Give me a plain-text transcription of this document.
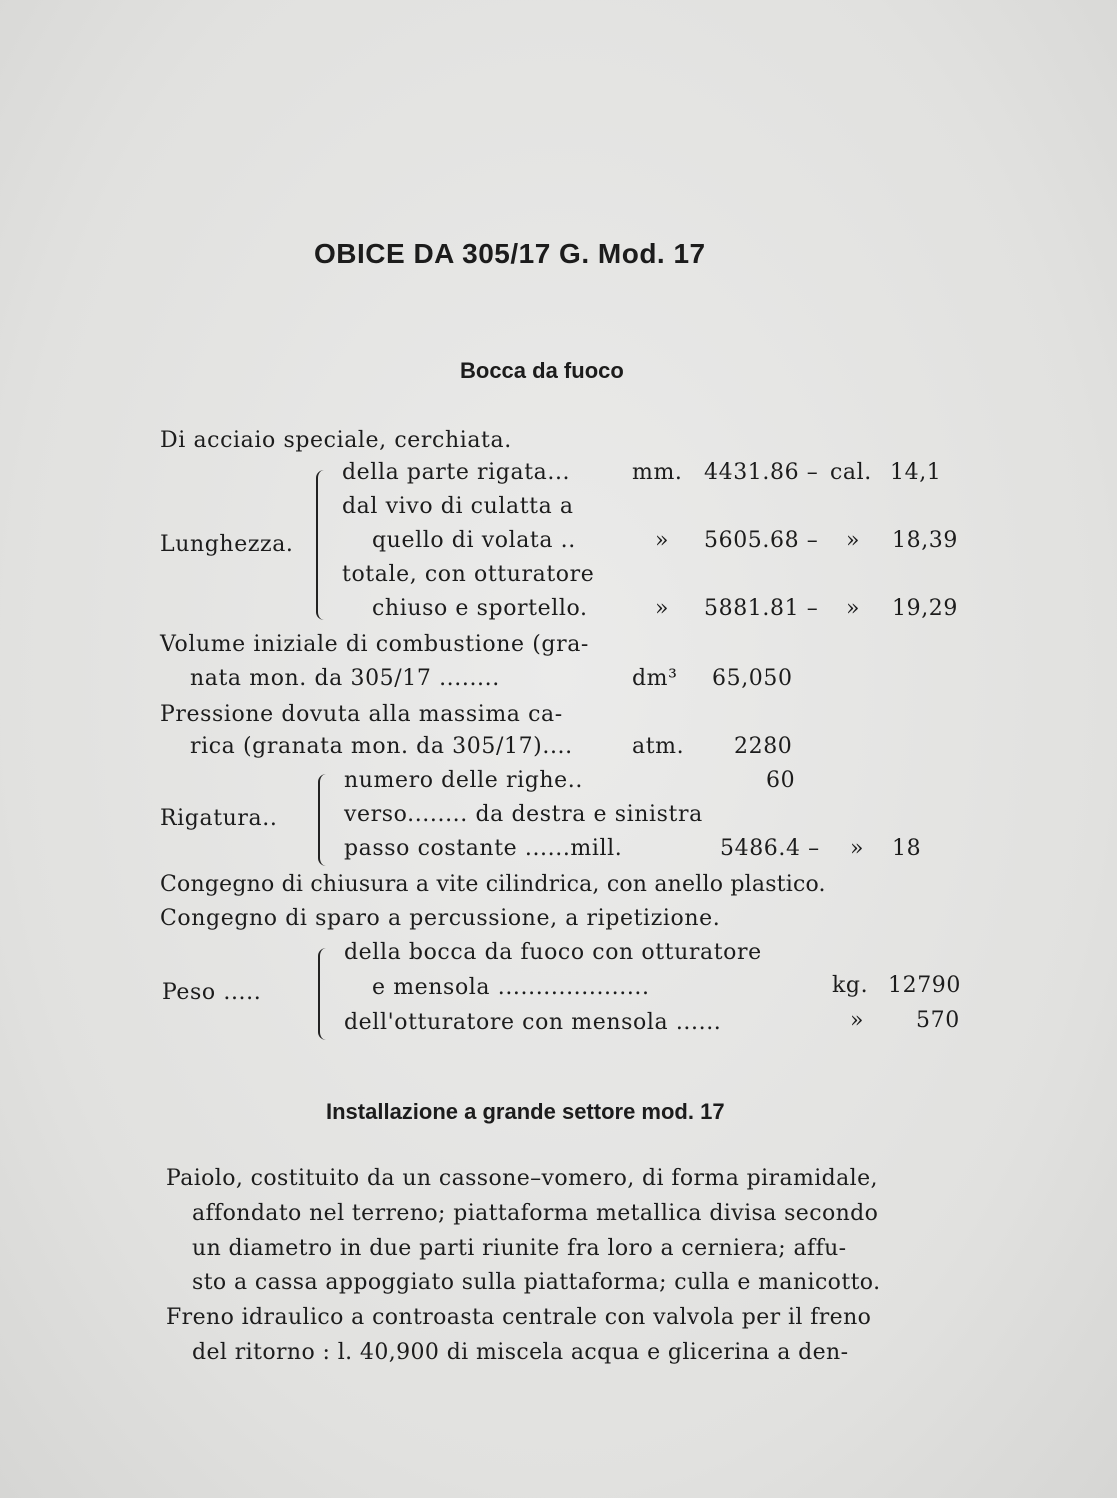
OBICE DA 305/17 G. Mod. 17
Bocca da fuoco
Di acciaio speciale, cerchiata.
Lunghezza.
della parte rigata...	mm. 4431.86 – cal. 14,1
dal vivo di culatta a
quello di volata ..	» 5605.68 – » 18,39
totale, con otturatore
chiuso e sportello.	» 5881.81 – » 19,29
Volume iniziale di combustione (gra-
nata mon. da 305/17 ........	dm³ 65,050
Pressione dovuta alla massima ca-
rica (granata mon. da 305/17)....	atm. 2280
Rigatura..
numero delle righe..	60
verso........ da destra e sinistra
passo costante ......mill.	5486.4 – » 18
Congegno di chiusura a vite cilindrica, con anello plastico.
Congegno di sparo a percussione, a ripetizione.
Peso .....
della bocca da fuoco con otturatore
e mensola ....................	kg. 12790
dell'otturatore con mensola ......	» 570
Installazione a grande settore mod. 17
Paiolo, costituito da un cassone–vomero, di forma piramidale,
affondato nel terreno; piattaforma metallica divisa secondo
un diametro in due parti riunite fra loro a cerniera; affu-
sto a cassa appoggiato sulla piattaforma; culla e manicotto.
Freno idraulico a controasta centrale con valvola per il freno
del ritorno : l. 40,900 di miscela acqua e glicerina a den-
